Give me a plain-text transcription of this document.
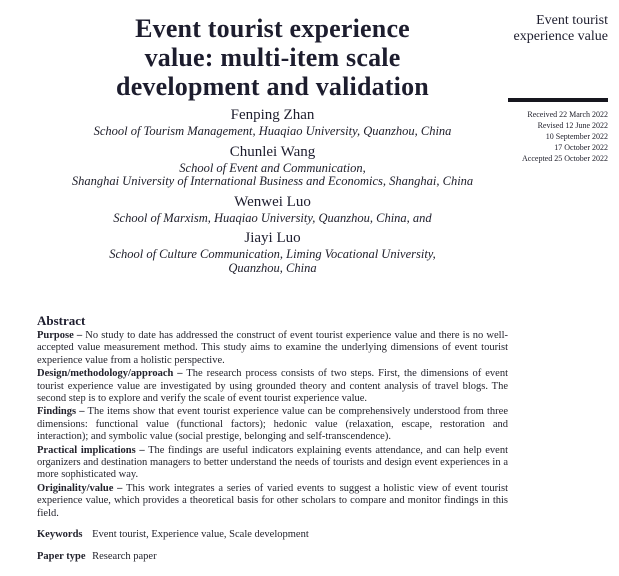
Event tourist experience
value: multi-item scale
development and validation
Fenping Zhan
School of Tourism Management, Huaqiao University, Quanzhou, China
Chunlei Wang
School of Event and Communication,
Shanghai University of International Business and Economics, Shanghai, China
Wenwei Luo
School of Marxism, Huaqiao University, Quanzhou, China, and
Jiayi Luo
School of Culture Communication, Liming Vocational University,
Quanzhou, China
Abstract

Purpose – No study to date has addressed the construct of event tourist experience value and there is no well-accepted value measurement method. This study aims to examine the underlying dimensions of event tourist experience value from a holistic perspective.

Design/methodology/approach – The research process consists of two steps. First, the dimensions of event tourist experience value are investigated by using grounded theory and content analysis of travel blogs. The second step is to explore and verify the scale of event tourist experience value.

Findings – The items show that event tourist experience value can be comprehensively understood from three dimensions: functional value (functional factors); hedonic value (relaxation, escape, restoration and interaction); and symbolic value (social prestige, belonging and self-transcendence).

Practical implications – The findings are useful indicators explaining events attendance, and can help event organizers and destination managers to better understand the needs of tourists and design event experiences in a more sophisticated way.

Originality/value – This work integrates a series of varied events to suggest a holistic view of event tourist experience value, which provides a theoretical basis for other scholars to compare and monitor findings in this field.

Keywords Event tourist, Experience value, Scale development

Paper type Research paper

Event tourist experience value
Received 22 March 2022
Revised 12 June 2022
10 September 2022
17 October 2022
Accepted 25 October 2022
